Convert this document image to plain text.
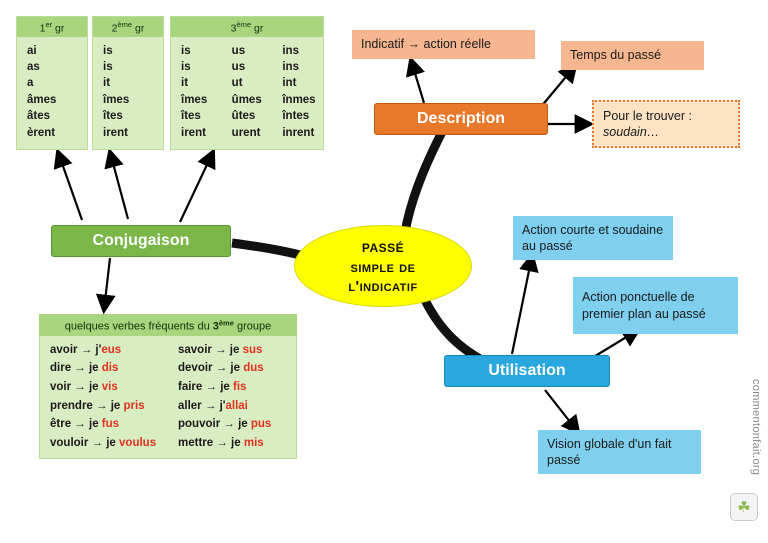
passé
simple de
l'indicatif
Description
Conjugaison
Utilisation
Indicatif → action réelle
Temps du passé
Pour le trouver :
soudain…
Action courte et soudaine au passé
Action ponctuelle de premier plan au passé
Vision globale d'un fait passé
1er gr
ai
as
a
âmes
âtes
èrent
2ème gr
is
is
it
îmes
îtes
irent
3ème gr
is
is
it
îmes
îtes
irent
us
us
ut
ûmes
ûtes
urent
ins
ins
int
înmes
întes
inrent
quelques verbes fréquents du 3ème groupe
avoir → j'eus
dire → je dis
voir → je vis
prendre → je pris
être → je fus
vouloir → je voulus
savoir → je sus
devoir → je dus
faire → je fis
aller → j'allai
pouvoir → je pus
mettre → je mis	commentonfait.org
☘
